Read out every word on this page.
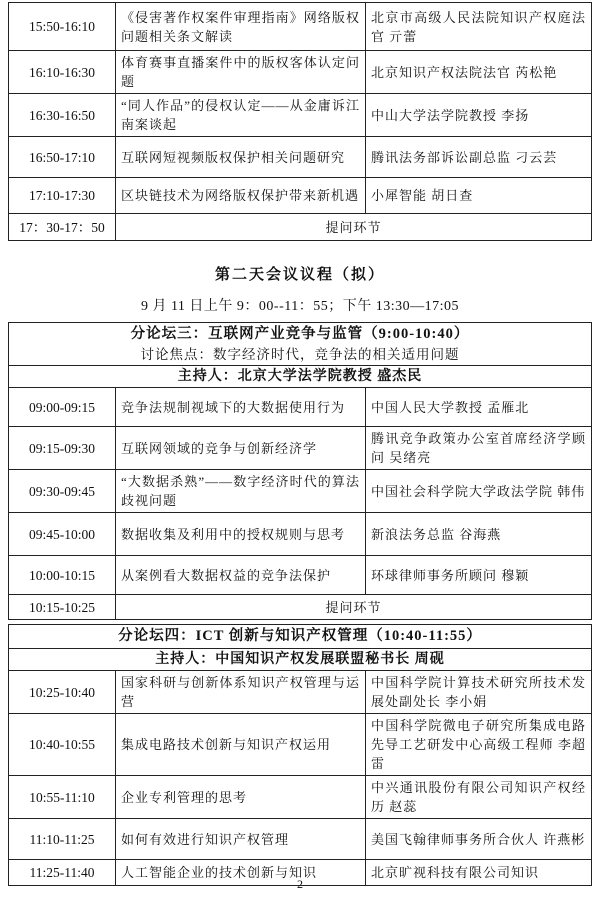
15:50-16:10	《侵害著作权案件审理指南》网络版权问题相关条文解读	北京市高级人民法院知识产权庭法官 亓蕾
16:10-16:30	体育赛事直播案件中的版权客体认定问题	北京知识产权法院法官 芮松艳
16:30-16:50	“同人作品”的侵权认定——从金庸诉江南案谈起	中山大学法学院教授 李扬
16:50-17:10	互联网短视频版权保护相关问题研究	腾讯法务部诉讼副总监 刁云芸
17:10-17:30	区块链技术为网络版权保护带来新机遇	小犀智能 胡日查
17：30-17：50	提问环节	
第二天会议议程（拟）
9 月 11 日上午 9：00--11：55；下午 13:30—17:05
分论坛三：互联网产业竞争与监管（9:00-10:40）
讨论焦点：数字经济时代，竞争法的相关适用问题		

主持人：北京大学法学院教授 盛杰民		
09:00-09:15	竞争法规制视域下的大数据使用行为	中国人民大学教授 孟雁北
09:15-09:30	互联网领域的竞争与创新经济学	腾讯竞争政策办公室首席经济学顾问 吴绪亮
09:30-09:45	“大数据杀熟”——数字经济时代的算法歧视问题	中国社会科学院大学政法学院 韩伟
09:45-10:00	数据收集及利用中的授权规则与思考	新浪法务总监 谷海燕
10:00-10:15	从案例看大数据权益的竞争法保护	环球律师事务所顾问 穆颖
10:15-10:25	提问环节	
分论坛四：ICT 创新与知识产权管理（10:40-11:55）		

主持人：中国知识产权发展联盟秘书长 周砚		
10:25-10:40	国家科研与创新体系知识产权管理与运营	中国科学院计算技术研究所技术发展处副处长 李小娟
10:40-10:55	集成电路技术创新与知识产权运用	中国科学院微电子研究所集成电路先导工艺研发中心高级工程师 李超雷
10:55-11:10	企业专利管理的思考	中兴通讯股份有限公司知识产权经历 赵蕊
11:10-11:25	如何有效进行知识产权管理	美国飞翰律师事务所合伙人 许燕彬
11:25-11:40	人工智能企业的技术创新与知识	北京旷视科技有限公司知识
2
